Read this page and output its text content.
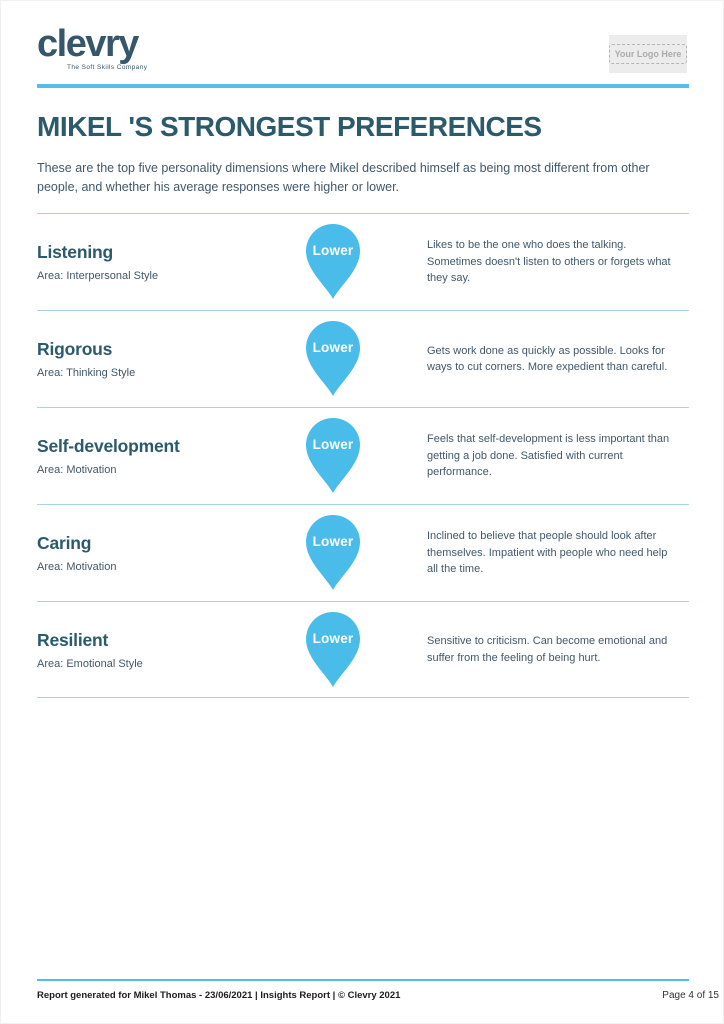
clevry
The Soft Skills Company
Your Logo Here
MIKEL 'S STRONGEST PREFERENCES

These are the top five personality dimensions where Mikel described himself as being most different from other people, and whether his average responses were higher or lower.

Listening
Area: Interpersonal Style
Lower	Likes to be the one who does the talking. Sometimes doesn't listen to others or forgets what they say.
Rigorous
Area: Thinking Style
Lower	Gets work done as quickly as possible. Looks for ways to cut corners. More expedient than careful.
Self-development
Area: Motivation
Lower	Feels that self-development is less important than getting a job done. Satisfied with current performance.
Caring
Area: Motivation
Lower	Inclined to believe that people should look after themselves. Impatient with people who need help all the time.
Resilient
Area: Emotional Style
Lower	Sensitive to criticism. Can become emotional and suffer from the feeling of being hurt.
Report generated for Mikel Thomas - 23/06/2021 | Insights Report | © Clevry 2021	Page 4 of 15
